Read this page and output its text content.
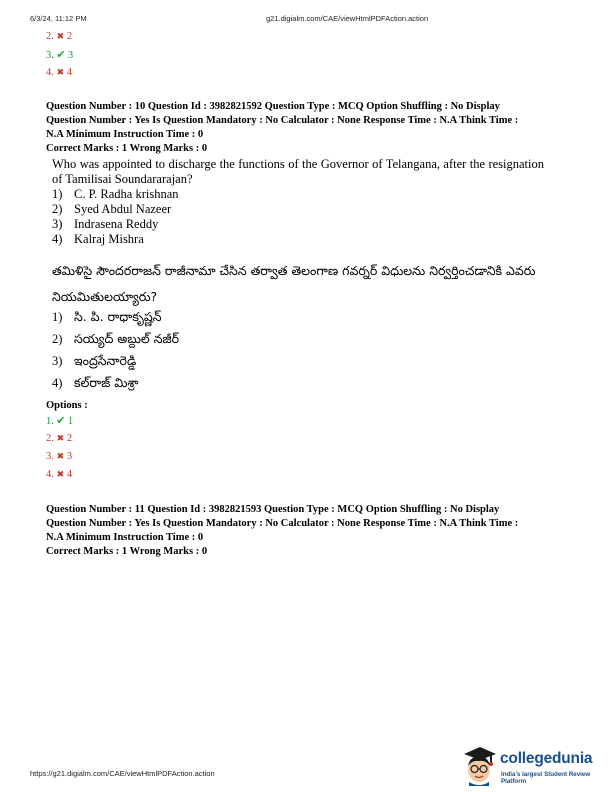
6/3/24, 11:12 PM	g21.digialm.com/CAE/viewHtmlPDFAction.action
2. ✖ 2
3. ✔ 3
4. ✖ 4
Question Number : 10 Question Id : 3982821592 Question Type : MCQ Option Shuffling : No Display
Question Number : Yes Is Question Mandatory : No Calculator : None Response Time : N.A Think Time :
N.A Minimum Instruction Time : 0
Correct Marks : 1 Wrong Marks : 0
Who was appointed to discharge the functions of the Governor of Telangana, after the resignation of Tamilisai Soundararajan?
1) C. P. Radha krishnan
2) Syed Abdul Nazeer
3) Indrasena Reddy
4) Kalraj Mishra
తమిళిసై సౌందరరాజన్ రాజీనామా చేసిన తర్వాత తెలంగాణ గవర్నర్ విధులను నిర్వర్తించడానికి ఎవరు
నియమితులయ్యారు?
1) సి. పి. రాధాకృష్ణన్
2) సయ్యద్ అబ్దుల్ నజీర్
3) ఇంద్రసేనారెడ్డి
4) కల్‌రాజ్ మిశ్రా
Options :
1. ✔ 1
2. ✖ 2
3. ✖ 3
4. ✖ 4
Question Number : 11 Question Id : 3982821593 Question Type : MCQ Option Shuffling : No Display
Question Number : Yes Is Question Mandatory : No Calculator : None Response Time : N.A Think Time :
N.A Minimum Instruction Time : 0
Correct Marks : 1 Wrong Marks : 0
https://g21.digialm.com/CAE/viewHtmlPDFAction.action
collegedunia
India's largest Student Review Platform
